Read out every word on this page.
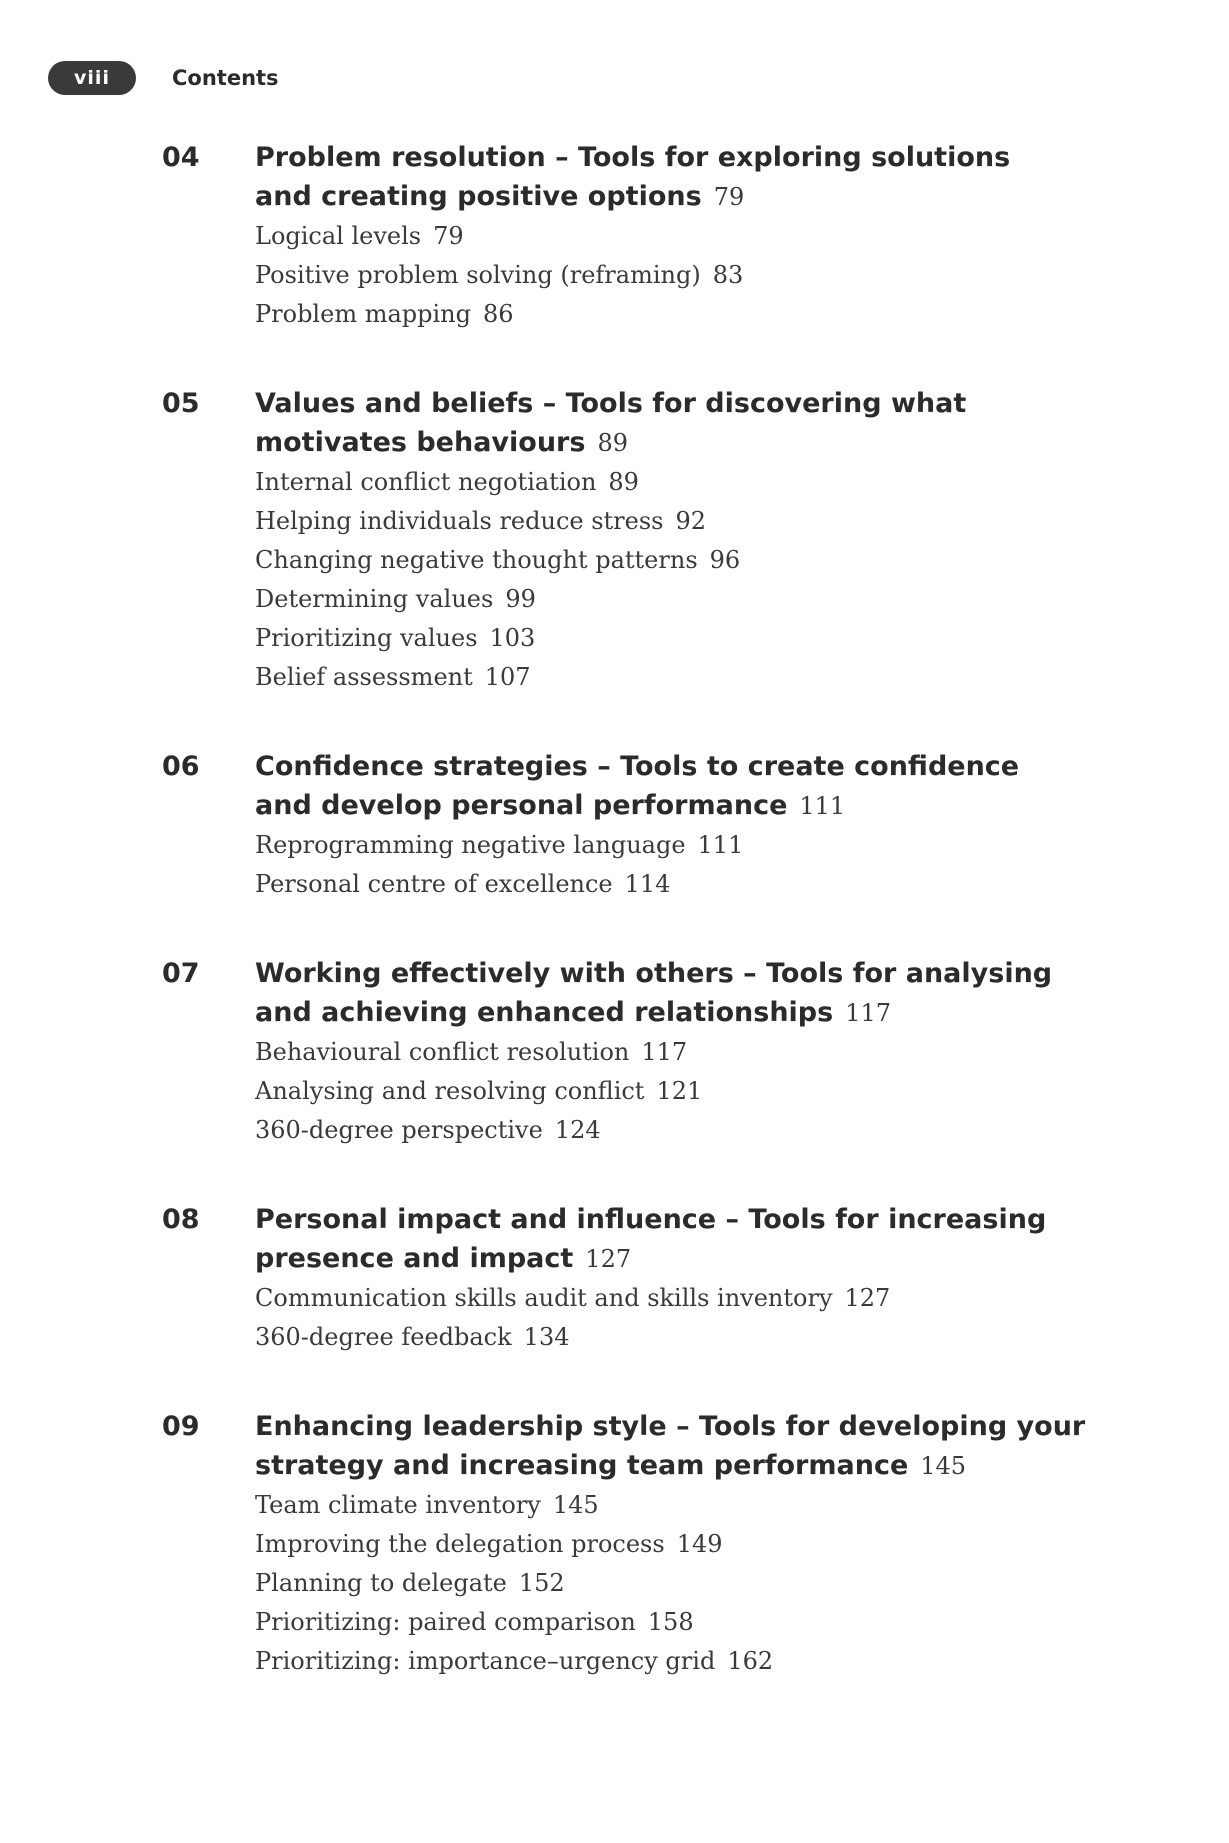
viii	Contents
04 Problem resolution – Tools for exploring solutions
and creating positive options 79
Logical levels 79
Positive problem solving (reframing) 83
Problem mapping 86
05 Values and beliefs – Tools for discovering what
motivates behaviours 89
Internal conflict negotiation 89
Helping individuals reduce stress 92
Changing negative thought patterns 96
Determining values 99
Prioritizing values 103
Belief assessment 107
06 Confidence strategies – Tools to create confidence
and develop personal performance 111
Reprogramming negative language 111
Personal centre of excellence 114
07 Working effectively with others – Tools for analysing
and achieving enhanced relationships 117
Behavioural conflict resolution 117
Analysing and resolving conflict 121
360-degree perspective 124
08 Personal impact and influence – Tools for increasing
presence and impact 127
Communication skills audit and skills inventory 127
360-degree feedback 134
09 Enhancing leadership style – Tools for developing your
strategy and increasing team performance 145
Team climate inventory 145
Improving the delegation process 149
Planning to delegate 152
Prioritizing: paired comparison 158
Prioritizing: importance–urgency grid 162
